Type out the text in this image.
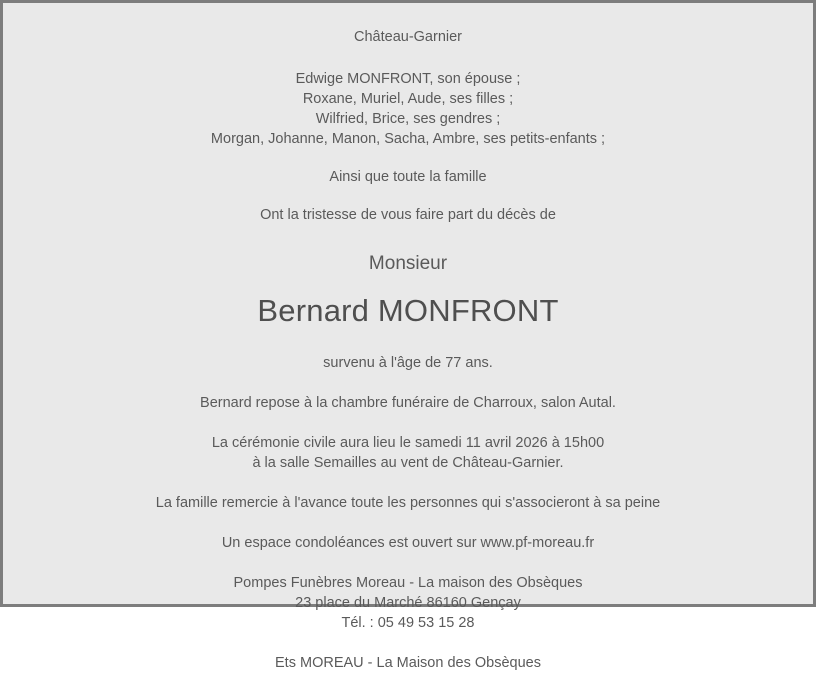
Château-Garnier
Edwige MONFRONT, son épouse ;
Roxane, Muriel, Aude, ses filles ;
Wilfried, Brice, ses gendres ;
Morgan, Johanne, Manon, Sacha, Ambre, ses petits-enfants ;
Ainsi que toute la famille
Ont la tristesse de vous faire part du décès de
Monsieur
Bernard MONFRONT
survenu à l'âge de 77 ans.
Bernard repose à la chambre funéraire de Charroux, salon Autal.
La cérémonie civile aura lieu le samedi 11 avril 2026 à 15h00
à la salle Semailles au vent de Château-Garnier.
La famille remercie à l'avance toute les personnes qui s'associeront à sa peine
Un espace condoléances est ouvert sur www.pf-moreau.fr
Pompes Funèbres Moreau - La maison des Obsèques
23 place du Marché 86160 Gençay
Tél. : 05 49 53 15 28
Ets MOREAU - La Maison des Obsèques
